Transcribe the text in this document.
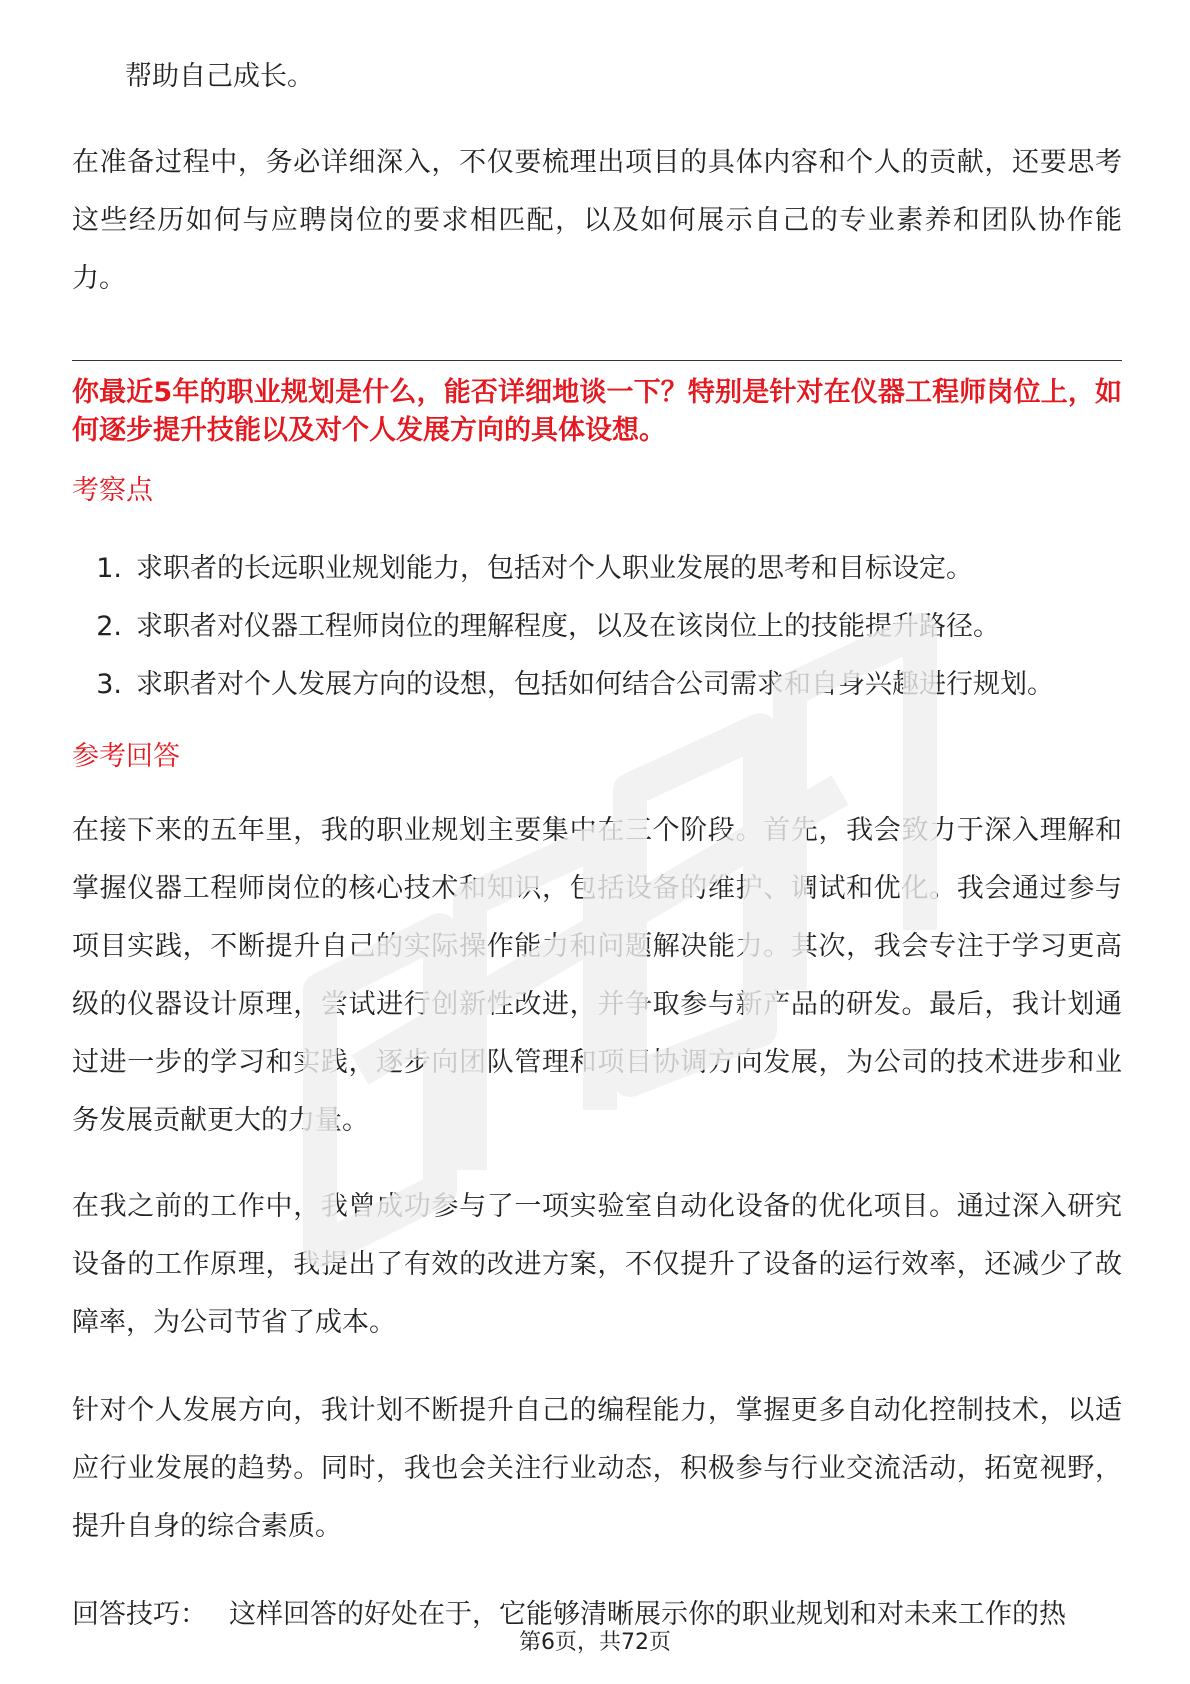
帮助自己成长。

在准备过程中，务必详细深入，不仅要梳理出项目的具体内容和个人的贡献，还要思考这些经历如何与应聘岗位的要求相匹配，以及如何展示自己的专业素养和团队协作能力。

你最近5年的职业规划是什么，能否详细地谈一下？特别是针对在仪器工程师岗位上，如何逐步提升技能以及对个人发展方向的具体设想。

考察点

1. 求职者的长远职业规划能力，包括对个人职业发展的思考和目标设定。
2. 求职者对仪器工程师岗位的理解程度，以及在该岗位上的技能提升路径。
3. 求职者对个人发展方向的设想，包括如何结合公司需求和自身兴趣进行规划。

参考回答

在接下来的五年里，我的职业规划主要集中在三个阶段。首先，我会致力于深入理解和掌握仪器工程师岗位的核心技术和知识，包括设备的维护、调试和优化。我会通过参与项目实践，不断提升自己的实际操作能力和问题解决能力。其次，我会专注于学习更高级的仪器设计原理，尝试进行创新性改进，并争取参与新产品的研发。最后，我计划通过进一步的学习和实践，逐步向团队管理和项目协调方向发展，为公司的技术进步和业务发展贡献更大的力量。

在我之前的工作中，我曾成功参与了一项实验室自动化设备的优化项目。通过深入研究设备的工作原理，我提出了有效的改进方案，不仅提升了设备的运行效率，还减少了故障率，为公司节省了成本。

针对个人发展方向，我计划不断提升自己的编程能力，掌握更多自动化控制技术，以适应行业发展的趋势。同时，我也会关注行业动态，积极参与行业交流活动，拓宽视野，提升自身的综合素质。

回答技巧： 这样回答的好处在于，它能够清晰展示你的职业规划和对未来工作的热

第6页，共72页
